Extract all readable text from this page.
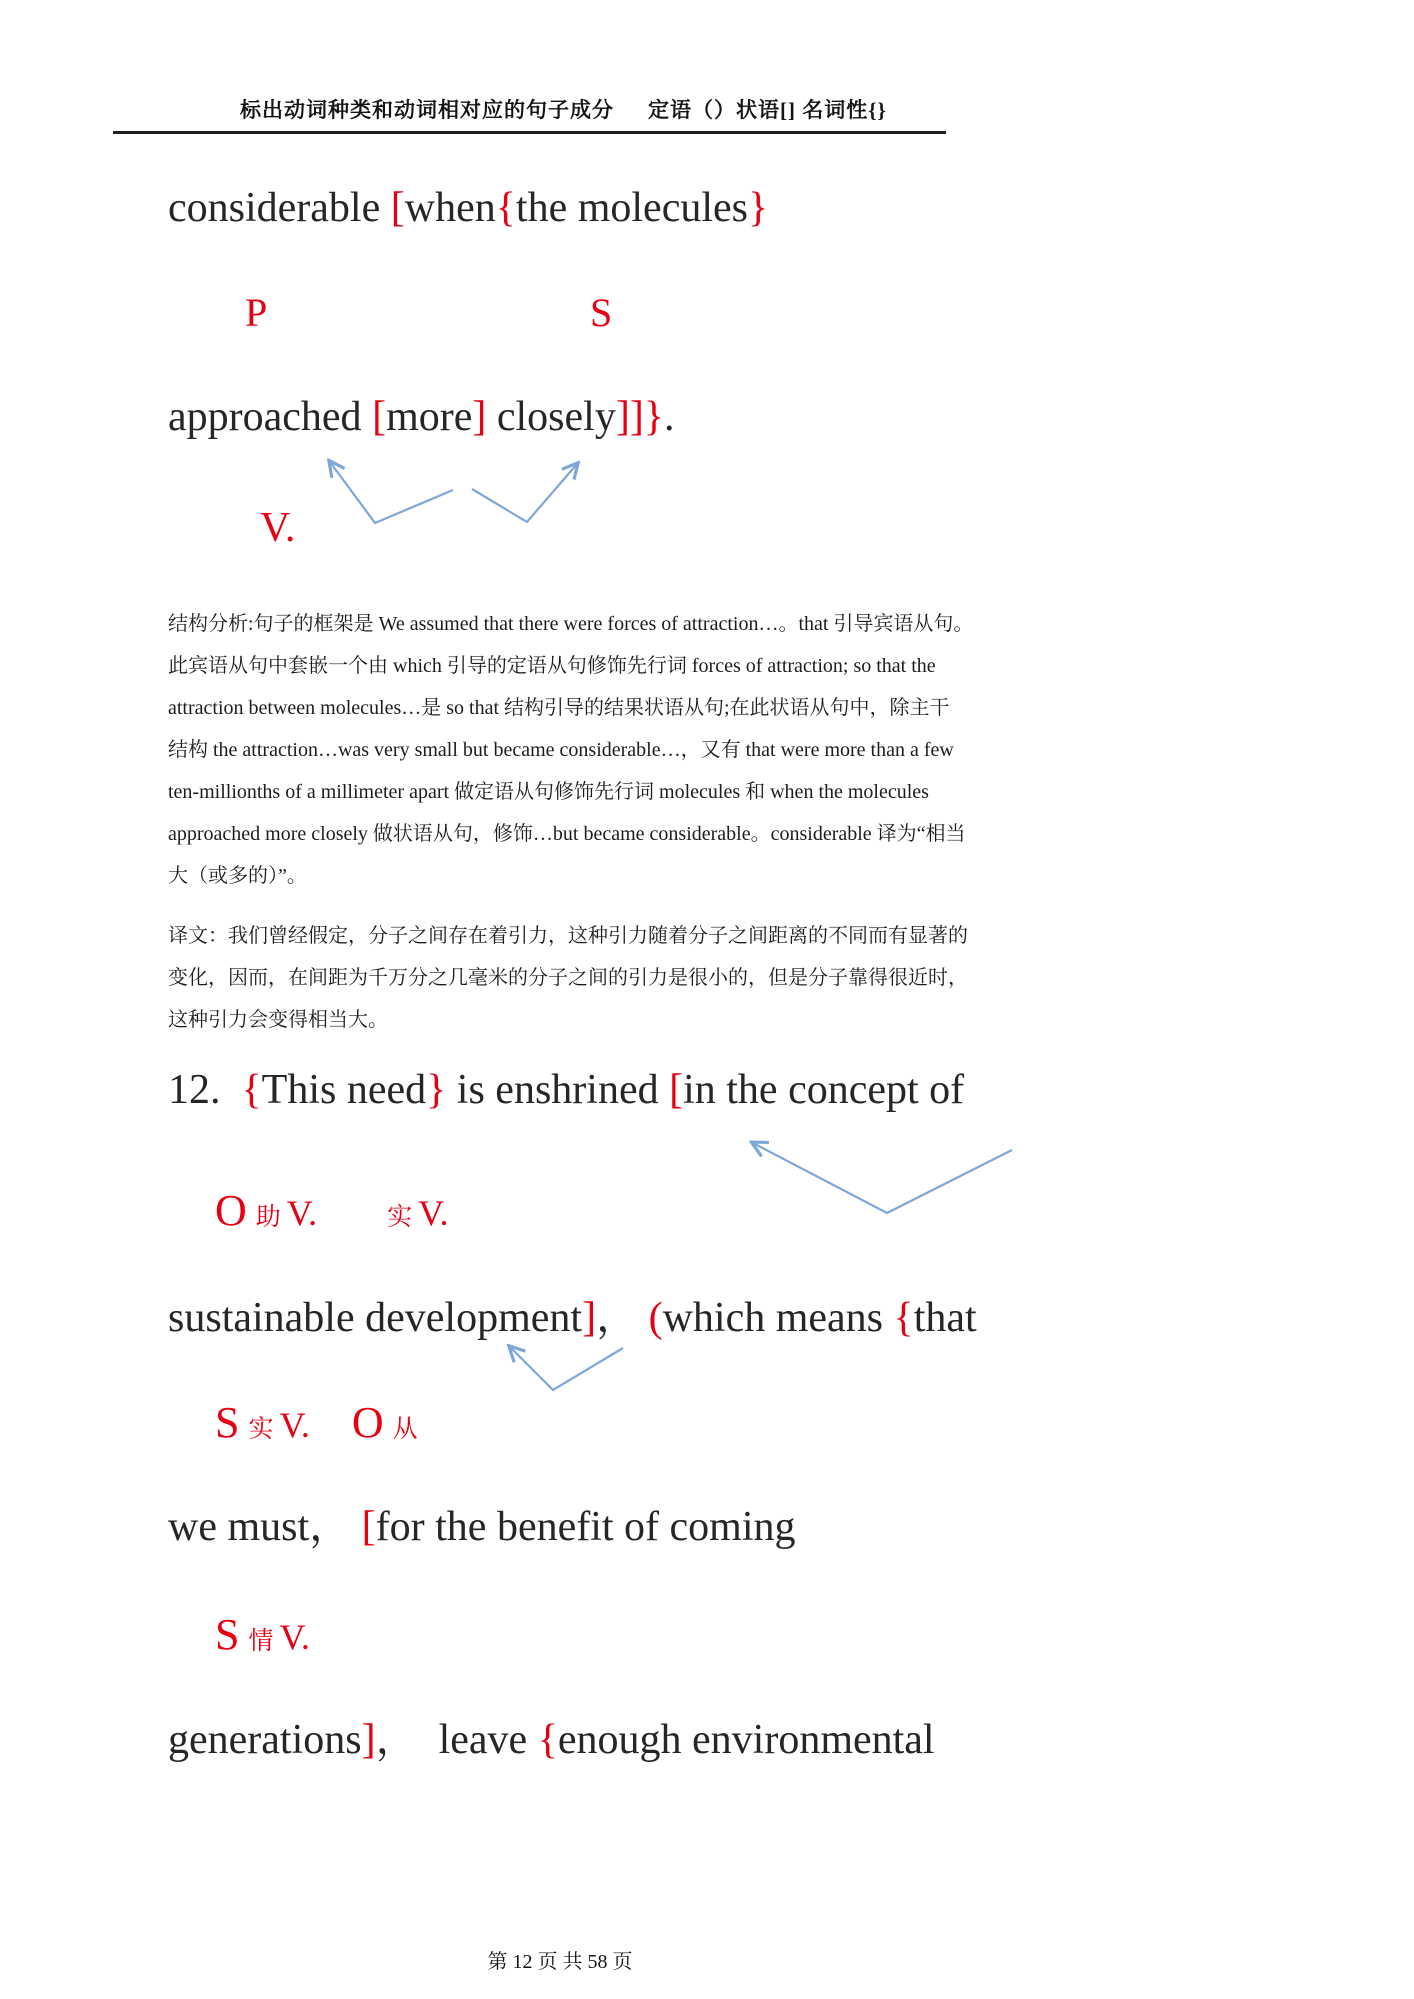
标出动词种类和动词相对应的句子成分 定语（）状语[] 名词性{}
considerable [when{the molecules}
P	S
approached [more] closely]]}.
V.
结构分析:句子的框架是 We assumed that there were forces of attraction…。that 引导宾语从句。
此宾语从句中套嵌一个由 which 引导的定语从句修饰先行词 forces of attraction; so that the
attraction between molecules…是 so that 结构引导的结果状语从句;在此状语从句中，除主干
结构 the attraction…was very small but became considerable…，又有 that were more than a few
ten-millionths of a millimeter apart 做定语从句修饰先行词 molecules 和 when the molecules
approached more closely 做状语从句，修饰…but became considerable。considerable 译为“相当
大（或多的）”。
译文：我们曾经假定，分子之间存在着引力，这种引力随着分子之间距离的不同而有显著的
变化，因而，在间距为千万分之几毫米的分子之间的引力是很小的，但是分子靠得很近时，
这种引力会变得相当大。
12.  {This need} is enshrined [in the concept of
O 助 V.	实 V.
sustainable development]， (which means {that
S 实 V. O 从
we must， [for the benefit of coming
S 情 V.
generations]，  leave {enough environmental
第 12 页 共 58 页
